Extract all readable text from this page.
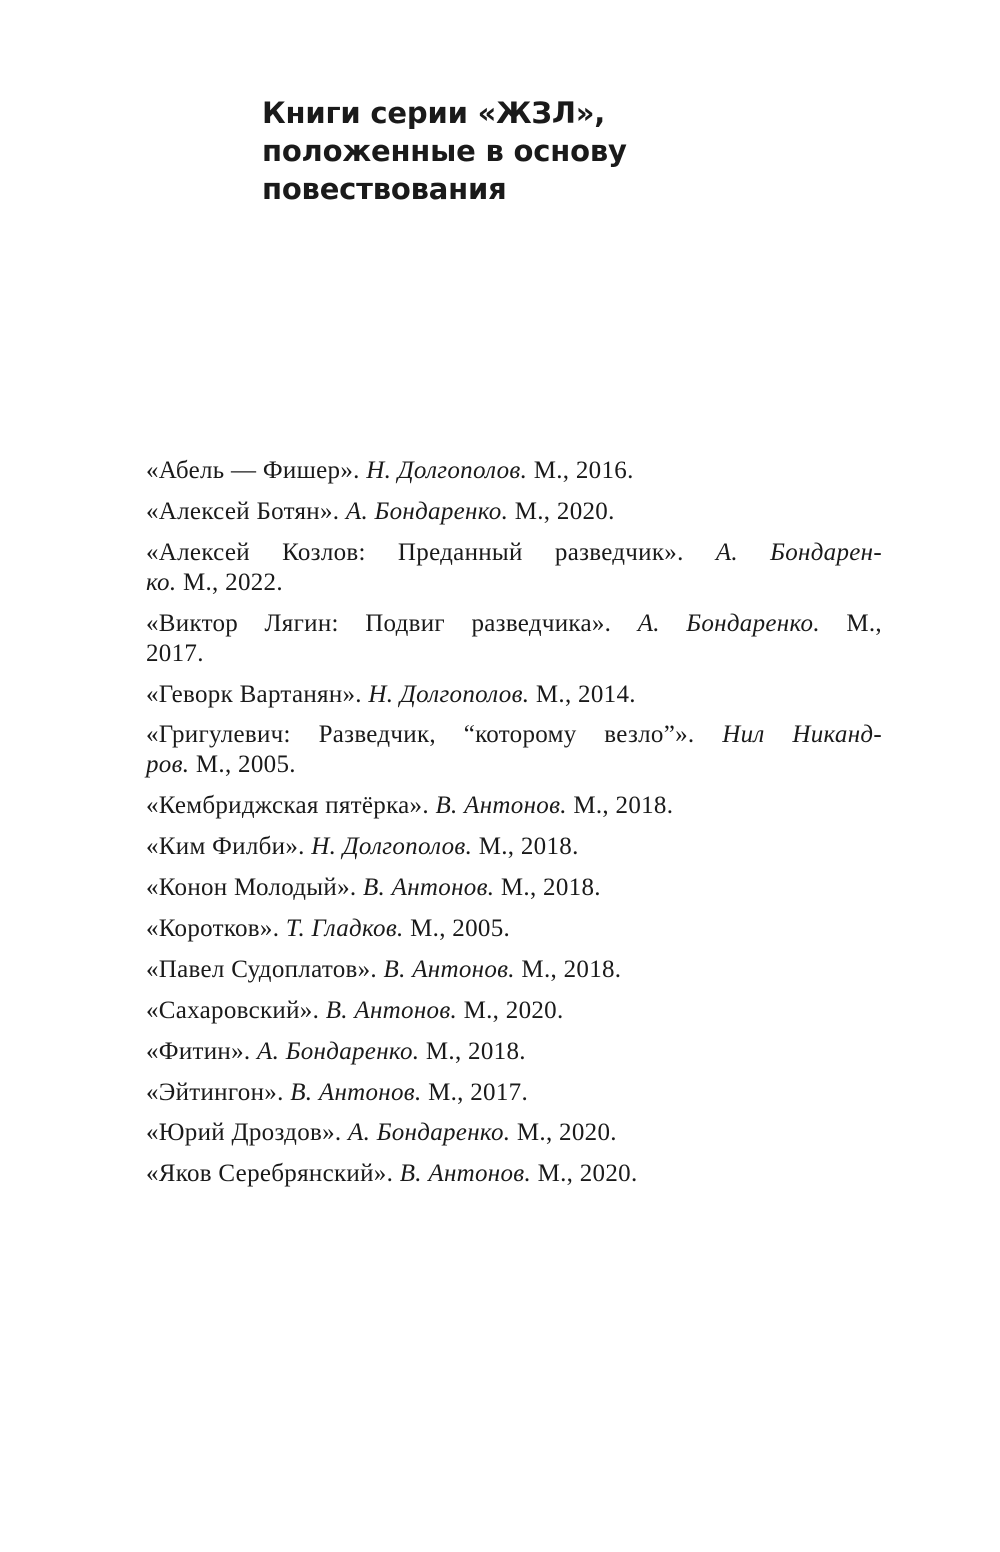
Книги серии «ЖЗЛ»,
положенные в основу
повествования
«Абель — Фишер». Н. Долгополов. М., 2016.
«Алексей Ботян». А. Бондаренко. М., 2020.
«Алексей Козлов: Преданный разведчик». А. Бондарен-
ко. М., 2022.
«Виктор Лягин: Подвиг разведчика». А. Бондаренко. М.,
2017.
«Геворк Вартанян». Н. Долгополов. М., 2014.
«Григулевич: Разведчик, “которому везло”». Нил Никанд-
ров. М., 2005.
«Кембриджская пятёрка». В. Антонов. М., 2018.
«Ким Филби». Н. Долгополов. М., 2018.
«Конон Молодый». В. Антонов. М., 2018.
«Коротков». Т. Гладков. М., 2005.
«Павел Судоплатов». В. Антонов. М., 2018.
«Сахаровский». В. Антонов. М., 2020.
«Фитин». А. Бондаренко. М., 2018.
«Эйтингон». В. Антонов. М., 2017.
«Юрий Дроздов». А. Бондаренко. М., 2020.
«Яков Серебрянский». В. Антонов. М., 2020.
